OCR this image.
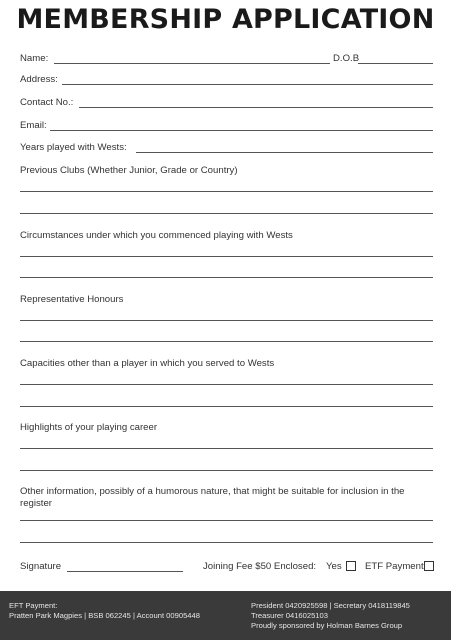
MEMBERSHIP APPLICATION
Name:	D.O.B
Address:
Contact No.:
Email:
Years played with Wests:
Previous Clubs (Whether Junior, Grade or Country)
Circumstances under which you commenced playing with Wests
Representative Honours
Capacities other than a player in which you served to Wests
Highlights of your playing career
Other information, possibly of a humorous nature, that might be suitable for inclusion in the register
Signature	Joining Fee $50 Enclosed: Yes ETF Payment
EFT Payment:
Pratten Park Magpies | BSB 062245 | Account 00905448
President 0420925598 | Secretary 0418119845
Treasurer 0416025103
Proudly sponsored by Holman Barnes Group
